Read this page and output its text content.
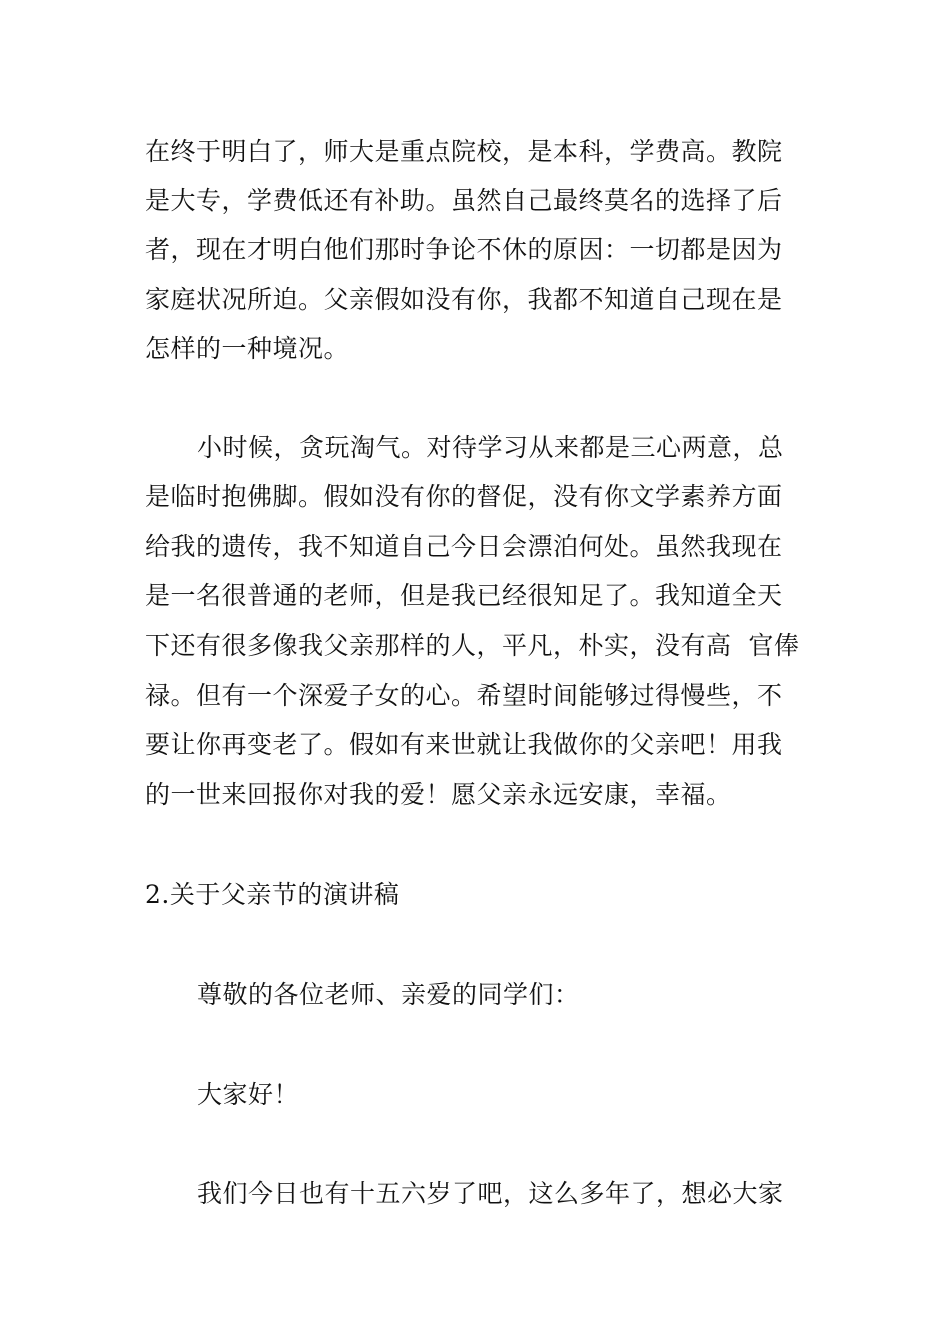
在终于明白了，师大是重点院校，是本科，学费高。教院
是大专，学费低还有补助。虽然自己最终莫名的选择了后
者，现在才明白他们那时争论不休的原因：一切都是因为
家庭状况所迫。父亲假如没有你，我都不知道自己现在是
怎样的一种境况。
小时候，贪玩淘气。对待学习从来都是三心两意，总
是临时抱佛脚。假如没有你的督促，没有你文学素养方面
给我的遗传，我不知道自己今日会漂泊何处。虽然我现在
是一名很普通的老师，但是我已经很知足了。我知道全天
下还有很多像我父亲那样的人，平凡，朴实，没有高  官俸
禄。但有一个深爱子女的心。希望时间能够过得慢些，不
要让你再变老了。假如有来世就让我做你的父亲吧！用我
的一世来回报你对我的爱！愿父亲永远安康，幸福。
2.关于父亲节的演讲稿
尊敬的各位老师、亲爱的同学们：
大家好！
我们今日也有十五六岁了吧，这么多年了，想必大家
